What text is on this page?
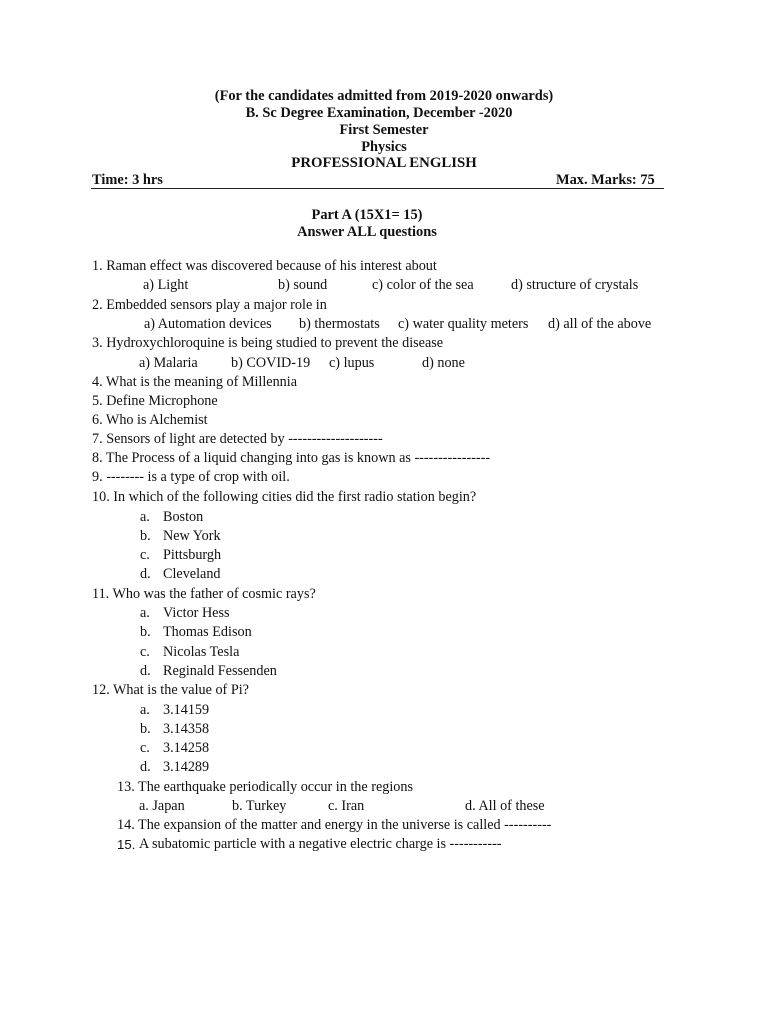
(For the candidates admitted from 2019-2020 onwards)
B. Sc Degree Examination, December -2020
First Semester
Physics
PROFESSIONAL ENGLISH
Time: 3 hrs	Max. Marks: 75
Part A (15X1= 15)
Answer ALL questions
1. Raman effect was discovered because of his interest about
a) Light	b) sound	c) color of the sea	d) structure of crystals
2. Embedded sensors play a major role in
a) Automation devices b) thermostats c) water quality meters d) all of the above
3. Hydroxychloroquine is being studied to prevent the disease
a) Malaria b) COVID-19 c) lupus	d) none
4. What is the meaning of Millennia
5. Define Microphone
6. Who is Alchemist
7. Sensors of light are detected by --------------------
8. The Process of a liquid changing into gas is known as ----------------
9. -------- is a type of crop with oil.
10. In which of the following cities did the first radio station begin?
a. Boston
b. New York
c. Pittsburgh
d. Cleveland
11. Who was the father of cosmic rays?
a. Victor Hess
b. Thomas Edison
c. Nicolas Tesla
d. Reginald Fessenden
12. What is the value of Pi?
a. 3.14159
b. 3.14358
c. 3.14258
d. 3.14289
13. The earthquake periodically occur in the regions
a. Japan	b. Turkey	c. Iran	d. All of these
14. The expansion of the matter and energy in the universe is called ----------
15. A subatomic particle with a negative electric charge is -----------
